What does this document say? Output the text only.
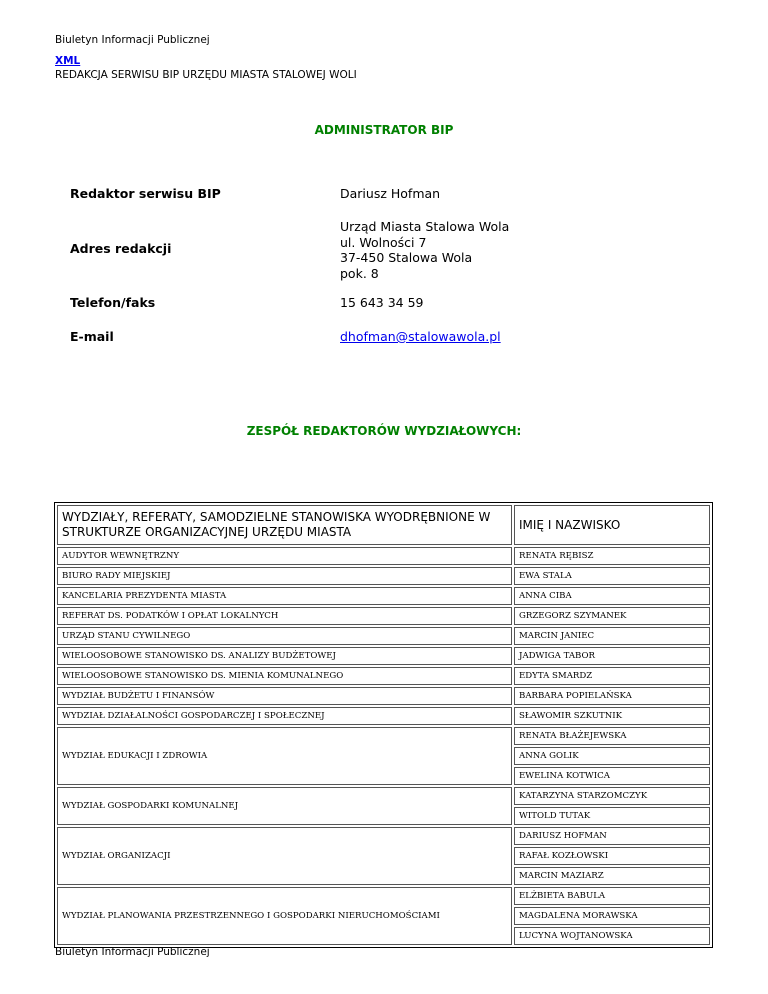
Biuletyn Informacji Publicznej
XML
REDAKCJA SERWISU BIP URZĘDU MIASTA STALOWEJ WOLI
ADMINISTRATOR BIP
Redaktor serwisu BIP	Dariusz Hofman
Adres redakcji
Urząd Miasta Stalowa Wola
ul. Wolności 7
37-450 Stalowa Wola
pok. 8
Telefon/faks	15 643 34 59
E-mail	dhofman@stalowawola.pl
ZESPÓŁ REDAKTORÓW WYDZIAŁOWYCH:
WYDZIAŁY, REFERATY, SAMODZIELNE STANOWISKA WYODRĘBNIONE W STRUKTURZE ORGANIZACYJNEJ URZĘDU MIASTA	IMIĘ I NAZWISKO
AUDYTOR WEWNĘTRZNY	RENATA RĘBISZ
BIURO RADY MIEJSKIEJ	EWA STALA
KANCELARIA PREZYDENTA MIASTA	ANNA CIBA
REFERAT DS. PODATKÓW I OPŁAT LOKALNYCH	GRZEGORZ SZYMANEK
URZĄD STANU CYWILNEGO	MARCIN JANIEC
WIELOOSOBOWE STANOWISKO DS. ANALIZY BUDŻETOWEJ	JADWIGA TABOR
WIELOOSOBOWE STANOWISKO DS. MIENIA KOMUNALNEGO	EDYTA SMARDZ
WYDZIAŁ BUDŻETU I FINANSÓW	BARBARA POPIELAŃSKA
WYDZIAŁ DZIAŁALNOŚCI GOSPODARCZEJ I SPOŁECZNEJ	SŁAWOMIR SZKUTNIK
WYDZIAŁ EDUKACJI I ZDROWIA	RENATA BŁAŻEJEWSKA
	ANNA GOLIK
	EWELINA KOTWICA
WYDZIAŁ GOSPODARKI KOMUNALNEJ	KATARZYNA STARZOMCZYK
	WITOLD TUTAK
WYDZIAŁ ORGANIZACJI	DARIUSZ HOFMAN
	RAFAŁ KOZŁOWSKI
	MARCIN MAZIARZ
WYDZIAŁ PLANOWANIA PRZESTRZENNEGO I GOSPODARKI NIERUCHOMOŚCIAMI	ELŻBIETA BABULA
	MAGDALENA MORAWSKA
	LUCYNA WOJTANOWSKA
Biuletyn Informacji Publicznej
